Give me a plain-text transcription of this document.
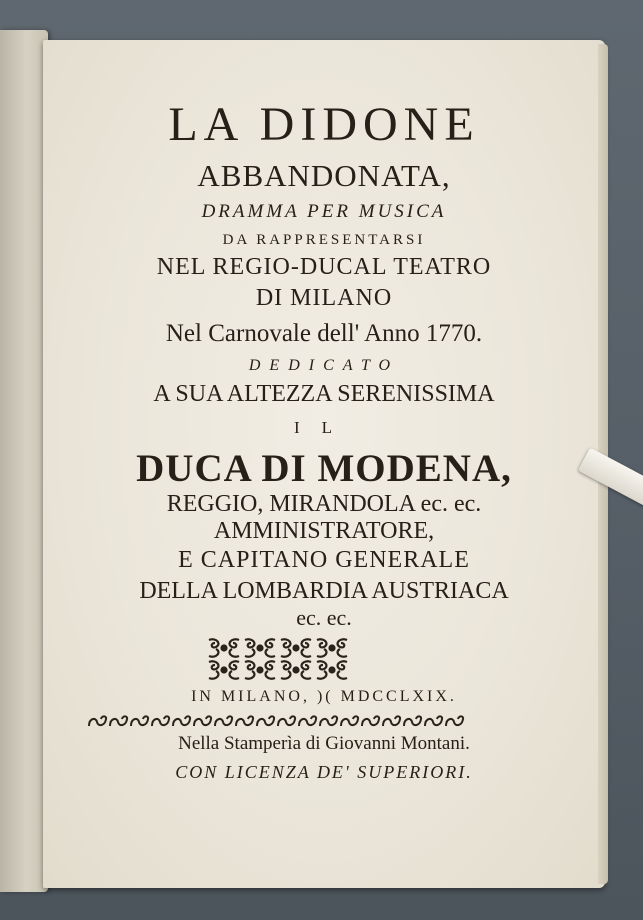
LA DIDONE
ABBANDONATA,
DRAMMA PER MUSICA
DA RAPPRESENTARSI
NEL REGIO-DUCAL TEATRO
DI MILANO
Nel Carnovale dell' Anno 1770.
DEDICATO
A SUA ALTEZZA SERENISSIMA
IL
DUCA DI MODENA,
REGGIO, MIRANDOLA ec. ec.
AMMINISTRATORE,
E CAPITANO GENERALE
DELLA LOMBARDIA AUSTRIACA
ec. ec.
IN MILANO, )( MDCCLXIX.
Nella Stamperìa di Giovanni Montani.
CON LICENZA DE' SUPERIORI.
